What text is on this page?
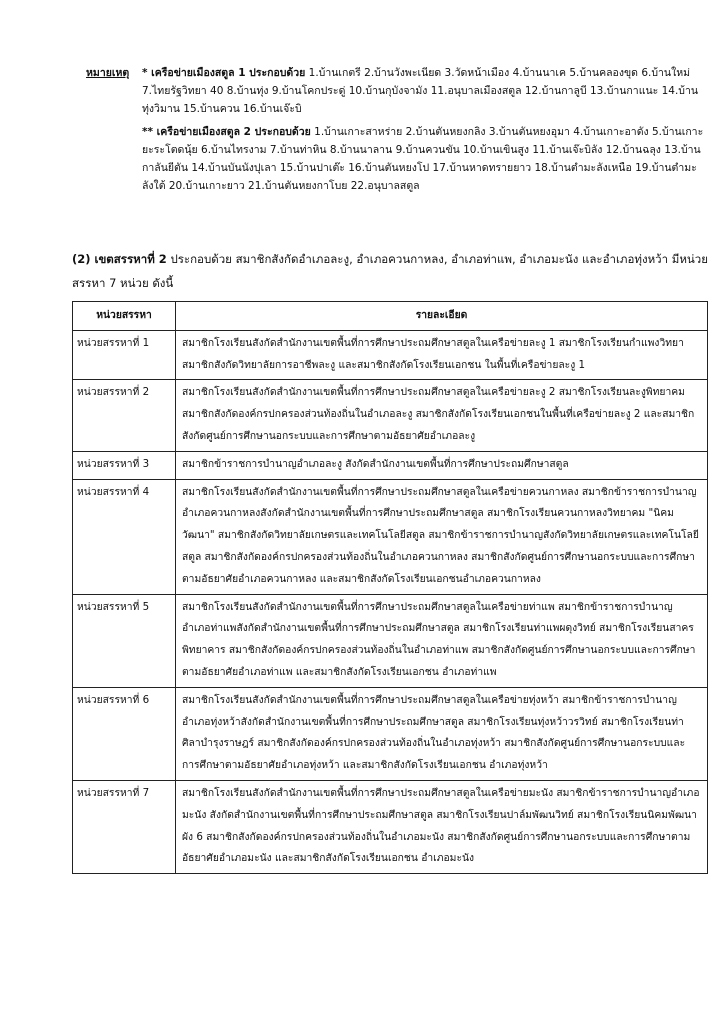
หมายเหตุ	* เครือข่ายเมืองสตูล 1 ประกอบด้วย 1.บ้านเกตรี 2.บ้านวังพะเนียด 3.วัดหน้าเมือง 4.บ้านนาเค 5.บ้านคลองขุด 6.บ้านใหม่ 7.ไทยรัฐวิทยา 40 8.บ้านทุ่ง 9.บ้านโคกประดู่ 10.บ้านกุบังจามัง 11.อนุบาลเมืองสตูล 12.บ้านกาลูบี 13.บ้านกาแนะ 14.บ้านทุ่งวิมาน 15.บ้านควน 16.บ้านเจ๊ะบิ

** เครือข่ายเมืองสตูล 2 ประกอบด้วย 1.บ้านเกาะสาหร่าย 2.บ้านตันหยงกลิง 3.บ้านตันหยงอุมา 4.บ้านเกาะอาดัง 5.บ้านเกาะยะระโตดนุ้ย 6.บ้านไทรงาม 7.บ้านท่าหิน 8.บ้านนาลาน 9.บ้านควนขัน 10.บ้านเขินสูง 11.บ้านเจ๊ะบิลัง 12.บ้านฉลุง 13.บ้านกาลันยีตัน 14.บ้านบันนังปุเลา 15.บ้านปาเต๊ะ 16.บ้านตันหยงโป 17.บ้านหาดทรายยาว 18.บ้านตำมะลังเหนือ 19.บ้านตำมะลังใต้ 20.บ้านเกาะยาว 21.บ้านตันหยงกาโบย 22.อนุบาลสตูล

(2) เขตสรรหาที่ 2 ประกอบด้วย สมาชิกสังกัดอำเภอละงู, อำเภอควนกาหลง, อำเภอท่าแพ, อำเภอมะนัง และอำเภอทุ่งหว้า มีหน่วยสรรหา 7 หน่วย ดังนี้
หน่วยสรรหา	รายละเอียด
หน่วยสรรหาที่ 1	สมาชิกโรงเรียนสังกัดสำนักงานเขตพื้นที่การศึกษาประถมศึกษาสตูลในเครือข่ายละงู 1 สมาชิกโรงเรียนกำแพงวิทยา สมาชิกสังกัดวิทยาลัยการอาชีพละงู และสมาชิกสังกัดโรงเรียนเอกชน ในพื้นที่เครือข่ายละงู 1
หน่วยสรรหาที่ 2	สมาชิกโรงเรียนสังกัดสำนักงานเขตพื้นที่การศึกษาประถมศึกษาสตูลในเครือข่ายละงู 2 สมาชิกโรงเรียนละงูพิทยาคม สมาชิกสังกัดองค์กรปกครองส่วนท้องถิ่นในอำเภอละงู สมาชิกสังกัดโรงเรียนเอกชนในพื้นที่เครือข่ายละงู 2 และสมาชิกสังกัดศูนย์การศึกษานอกระบบและการศึกษาตามอัธยาศัยอำเภอละงู
หน่วยสรรหาที่ 3	สมาชิกข้าราชการบำนาญอำเภอละงู สังกัดสำนักงานเขตพื้นที่การศึกษาประถมศึกษาสตูล
หน่วยสรรหาที่ 4	สมาชิกโรงเรียนสังกัดสำนักงานเขตพื้นที่การศึกษาประถมศึกษาสตูลในเครือข่ายควนกาหลง สมาชิกข้าราชการบำนาญอำเภอควนกาหลงสังกัดสำนักงานเขตพื้นที่การศึกษาประถมศึกษาสตูล สมาชิกโรงเรียนควนกาหลงวิทยาคม "นิคมวัฒนา" สมาชิกสังกัดวิทยาลัยเกษตรและเทคโนโลยีสตูล สมาชิกข้าราชการบำนาญสังกัดวิทยาลัยเกษตรและเทคโนโลยีสตูล สมาชิกสังกัดองค์กรปกครองส่วนท้องถิ่นในอำเภอควนกาหลง สมาชิกสังกัดศูนย์การศึกษานอกระบบและการศึกษาตามอัธยาศัยอำเภอควนกาหลง และสมาชิกสังกัดโรงเรียนเอกชนอำเภอควนกาหลง
หน่วยสรรหาที่ 5	สมาชิกโรงเรียนสังกัดสำนักงานเขตพื้นที่การศึกษาประถมศึกษาสตูลในเครือข่ายท่าแพ สมาชิกข้าราชการบำนาญอำเภอท่าแพสังกัดสำนักงานเขตพื้นที่การศึกษาประถมศึกษาสตูล สมาชิกโรงเรียนท่าแพผดุงวิทย์ สมาชิกโรงเรียนสาครพิทยาคาร สมาชิกสังกัดองค์กรปกครองส่วนท้องถิ่นในอำเภอท่าแพ สมาชิกสังกัดศูนย์การศึกษานอกระบบและการศึกษาตามอัธยาศัยอำเภอท่าแพ และสมาชิกสังกัดโรงเรียนเอกชน อำเภอท่าแพ
หน่วยสรรหาที่ 6	สมาชิกโรงเรียนสังกัดสำนักงานเขตพื้นที่การศึกษาประถมศึกษาสตูลในเครือข่ายทุ่งหว้า สมาชิกข้าราชการบำนาญอำเภอทุ่งหว้าสังกัดสำนักงานเขตพื้นที่การศึกษาประถมศึกษาสตูล สมาชิกโรงเรียนทุ่งหว้าวรวิทย์ สมาชิกโรงเรียนท่าศิลาบำรุงราษฎร์ สมาชิกสังกัดองค์กรปกครองส่วนท้องถิ่นในอำเภอทุ่งหว้า สมาชิกสังกัดศูนย์การศึกษานอกระบบและการศึกษาตามอัธยาศัยอำเภอทุ่งหว้า และสมาชิกสังกัดโรงเรียนเอกชน อำเภอทุ่งหว้า
หน่วยสรรหาที่ 7	สมาชิกโรงเรียนสังกัดสำนักงานเขตพื้นที่การศึกษาประถมศึกษาสตูลในเครือข่ายมะนัง สมาชิกข้าราชการบำนาญอำเภอมะนัง สังกัดสำนักงานเขตพื้นที่การศึกษาประถมศึกษาสตูล สมาชิกโรงเรียนปาล์มพัฒนวิทย์ สมาชิกโรงเรียนนิคมพัฒนาผัง 6 สมาชิกสังกัดองค์กรปกครองส่วนท้องถิ่นในอำเภอมะนัง สมาชิกสังกัดศูนย์การศึกษานอกระบบและการศึกษาตามอัธยาศัยอำเภอมะนัง และสมาชิกสังกัดโรงเรียนเอกชน อำเภอมะนัง
